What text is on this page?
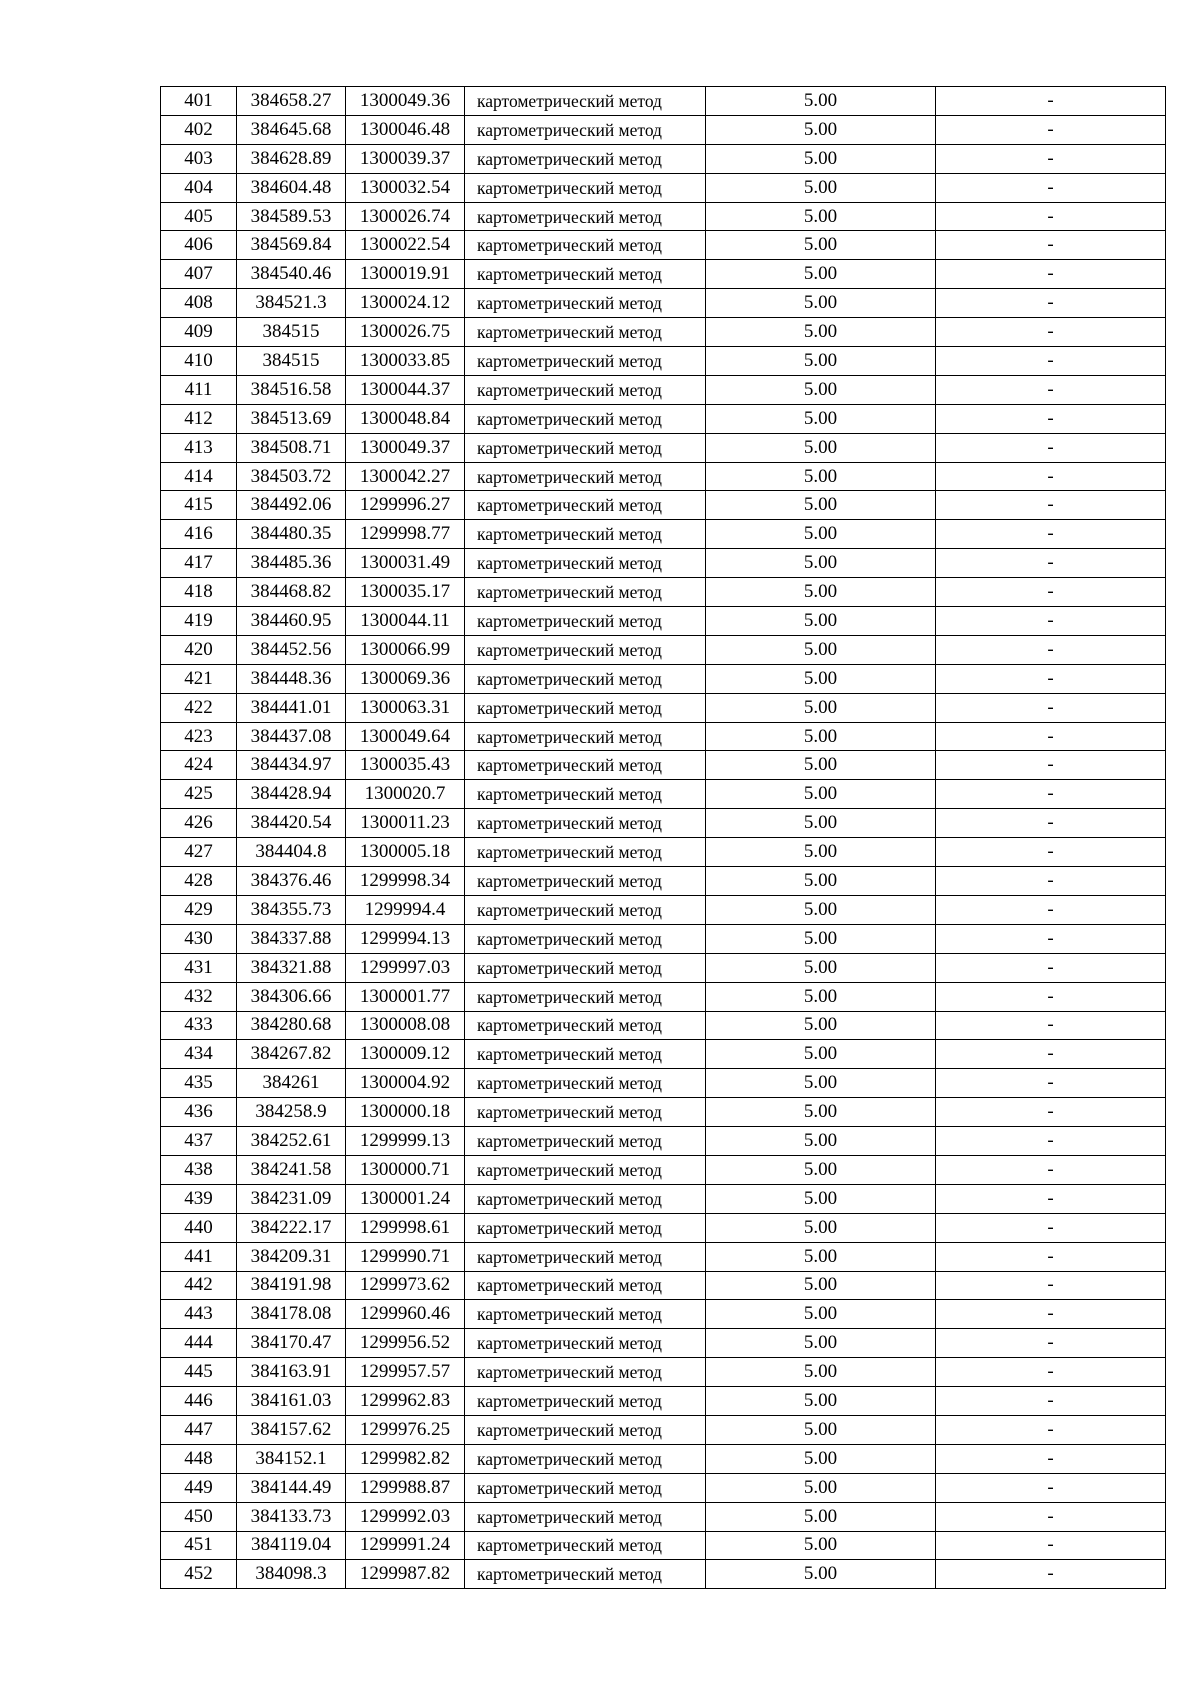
401	384658.27	1300049.36	картометрический метод	5.00	-
402	384645.68	1300046.48	картометрический метод	5.00	-
403	384628.89	1300039.37	картометрический метод	5.00	-
404	384604.48	1300032.54	картометрический метод	5.00	-
405	384589.53	1300026.74	картометрический метод	5.00	-
406	384569.84	1300022.54	картометрический метод	5.00	-
407	384540.46	1300019.91	картометрический метод	5.00	-
408	384521.3	1300024.12	картометрический метод	5.00	-
409	384515	1300026.75	картометрический метод	5.00	-
410	384515	1300033.85	картометрический метод	5.00	-
411	384516.58	1300044.37	картометрический метод	5.00	-
412	384513.69	1300048.84	картометрический метод	5.00	-
413	384508.71	1300049.37	картометрический метод	5.00	-
414	384503.72	1300042.27	картометрический метод	5.00	-
415	384492.06	1299996.27	картометрический метод	5.00	-
416	384480.35	1299998.77	картометрический метод	5.00	-
417	384485.36	1300031.49	картометрический метод	5.00	-
418	384468.82	1300035.17	картометрический метод	5.00	-
419	384460.95	1300044.11	картометрический метод	5.00	-
420	384452.56	1300066.99	картометрический метод	5.00	-
421	384448.36	1300069.36	картометрический метод	5.00	-
422	384441.01	1300063.31	картометрический метод	5.00	-
423	384437.08	1300049.64	картометрический метод	5.00	-
424	384434.97	1300035.43	картометрический метод	5.00	-
425	384428.94	1300020.7	картометрический метод	5.00	-
426	384420.54	1300011.23	картометрический метод	5.00	-
427	384404.8	1300005.18	картометрический метод	5.00	-
428	384376.46	1299998.34	картометрический метод	5.00	-
429	384355.73	1299994.4	картометрический метод	5.00	-
430	384337.88	1299994.13	картометрический метод	5.00	-
431	384321.88	1299997.03	картометрический метод	5.00	-
432	384306.66	1300001.77	картометрический метод	5.00	-
433	384280.68	1300008.08	картометрический метод	5.00	-
434	384267.82	1300009.12	картометрический метод	5.00	-
435	384261	1300004.92	картометрический метод	5.00	-
436	384258.9	1300000.18	картометрический метод	5.00	-
437	384252.61	1299999.13	картометрический метод	5.00	-
438	384241.58	1300000.71	картометрический метод	5.00	-
439	384231.09	1300001.24	картометрический метод	5.00	-
440	384222.17	1299998.61	картометрический метод	5.00	-
441	384209.31	1299990.71	картометрический метод	5.00	-
442	384191.98	1299973.62	картометрический метод	5.00	-
443	384178.08	1299960.46	картометрический метод	5.00	-
444	384170.47	1299956.52	картометрический метод	5.00	-
445	384163.91	1299957.57	картометрический метод	5.00	-
446	384161.03	1299962.83	картометрический метод	5.00	-
447	384157.62	1299976.25	картометрический метод	5.00	-
448	384152.1	1299982.82	картометрический метод	5.00	-
449	384144.49	1299988.87	картометрический метод	5.00	-
450	384133.73	1299992.03	картометрический метод	5.00	-
451	384119.04	1299991.24	картометрический метод	5.00	-
452	384098.3	1299987.82	картометрический метод	5.00	-
